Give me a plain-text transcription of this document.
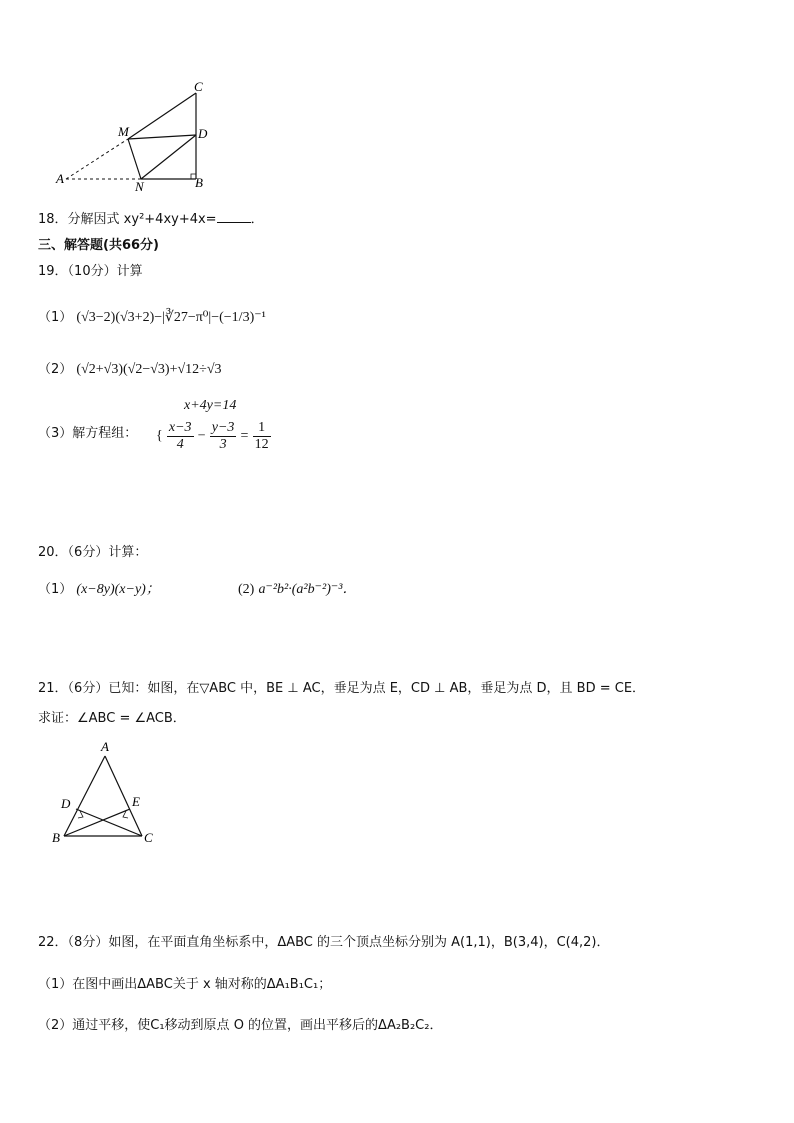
C
M	D
A
N	B
18．分解因式 xy²+4xy+4x=	．
三、解答题(共66分)
19．（10分）计算
（1） (√3−2)(√3+2)−|∛27−π⁰|−(−1/3)⁻¹
（2） (√2+√3)(√2−√3)+√12÷√3
x+4y=14
（3）解方程组： { $\frac{x-3}{4} - \frac{y-3}{3} = \frac{1}{12}$
20．（6分）计算：
（1） (x−8y)(x−y)；	(2) a⁻²b²·(a²b⁻²)⁻³．
21．（6分）已知：如图，在▽ABC 中，BE ⊥ AC，垂足为点 E，CD ⊥ AB，垂足为点 D，且 BD = CE．
求证：∠ABC = ∠ACB．
A
D	E
B	C
22．（8分）如图，在平面直角坐标系中，ΔABC 的三个顶点坐标分别为 A(1,1)，B(3,4)，C(4,2)．
（1）在图中画出ΔABC关于 x 轴对称的ΔA₁B₁C₁；
（2）通过平移，使C₁移动到原点 O 的位置，画出平移后的ΔA₂B₂C₂．
